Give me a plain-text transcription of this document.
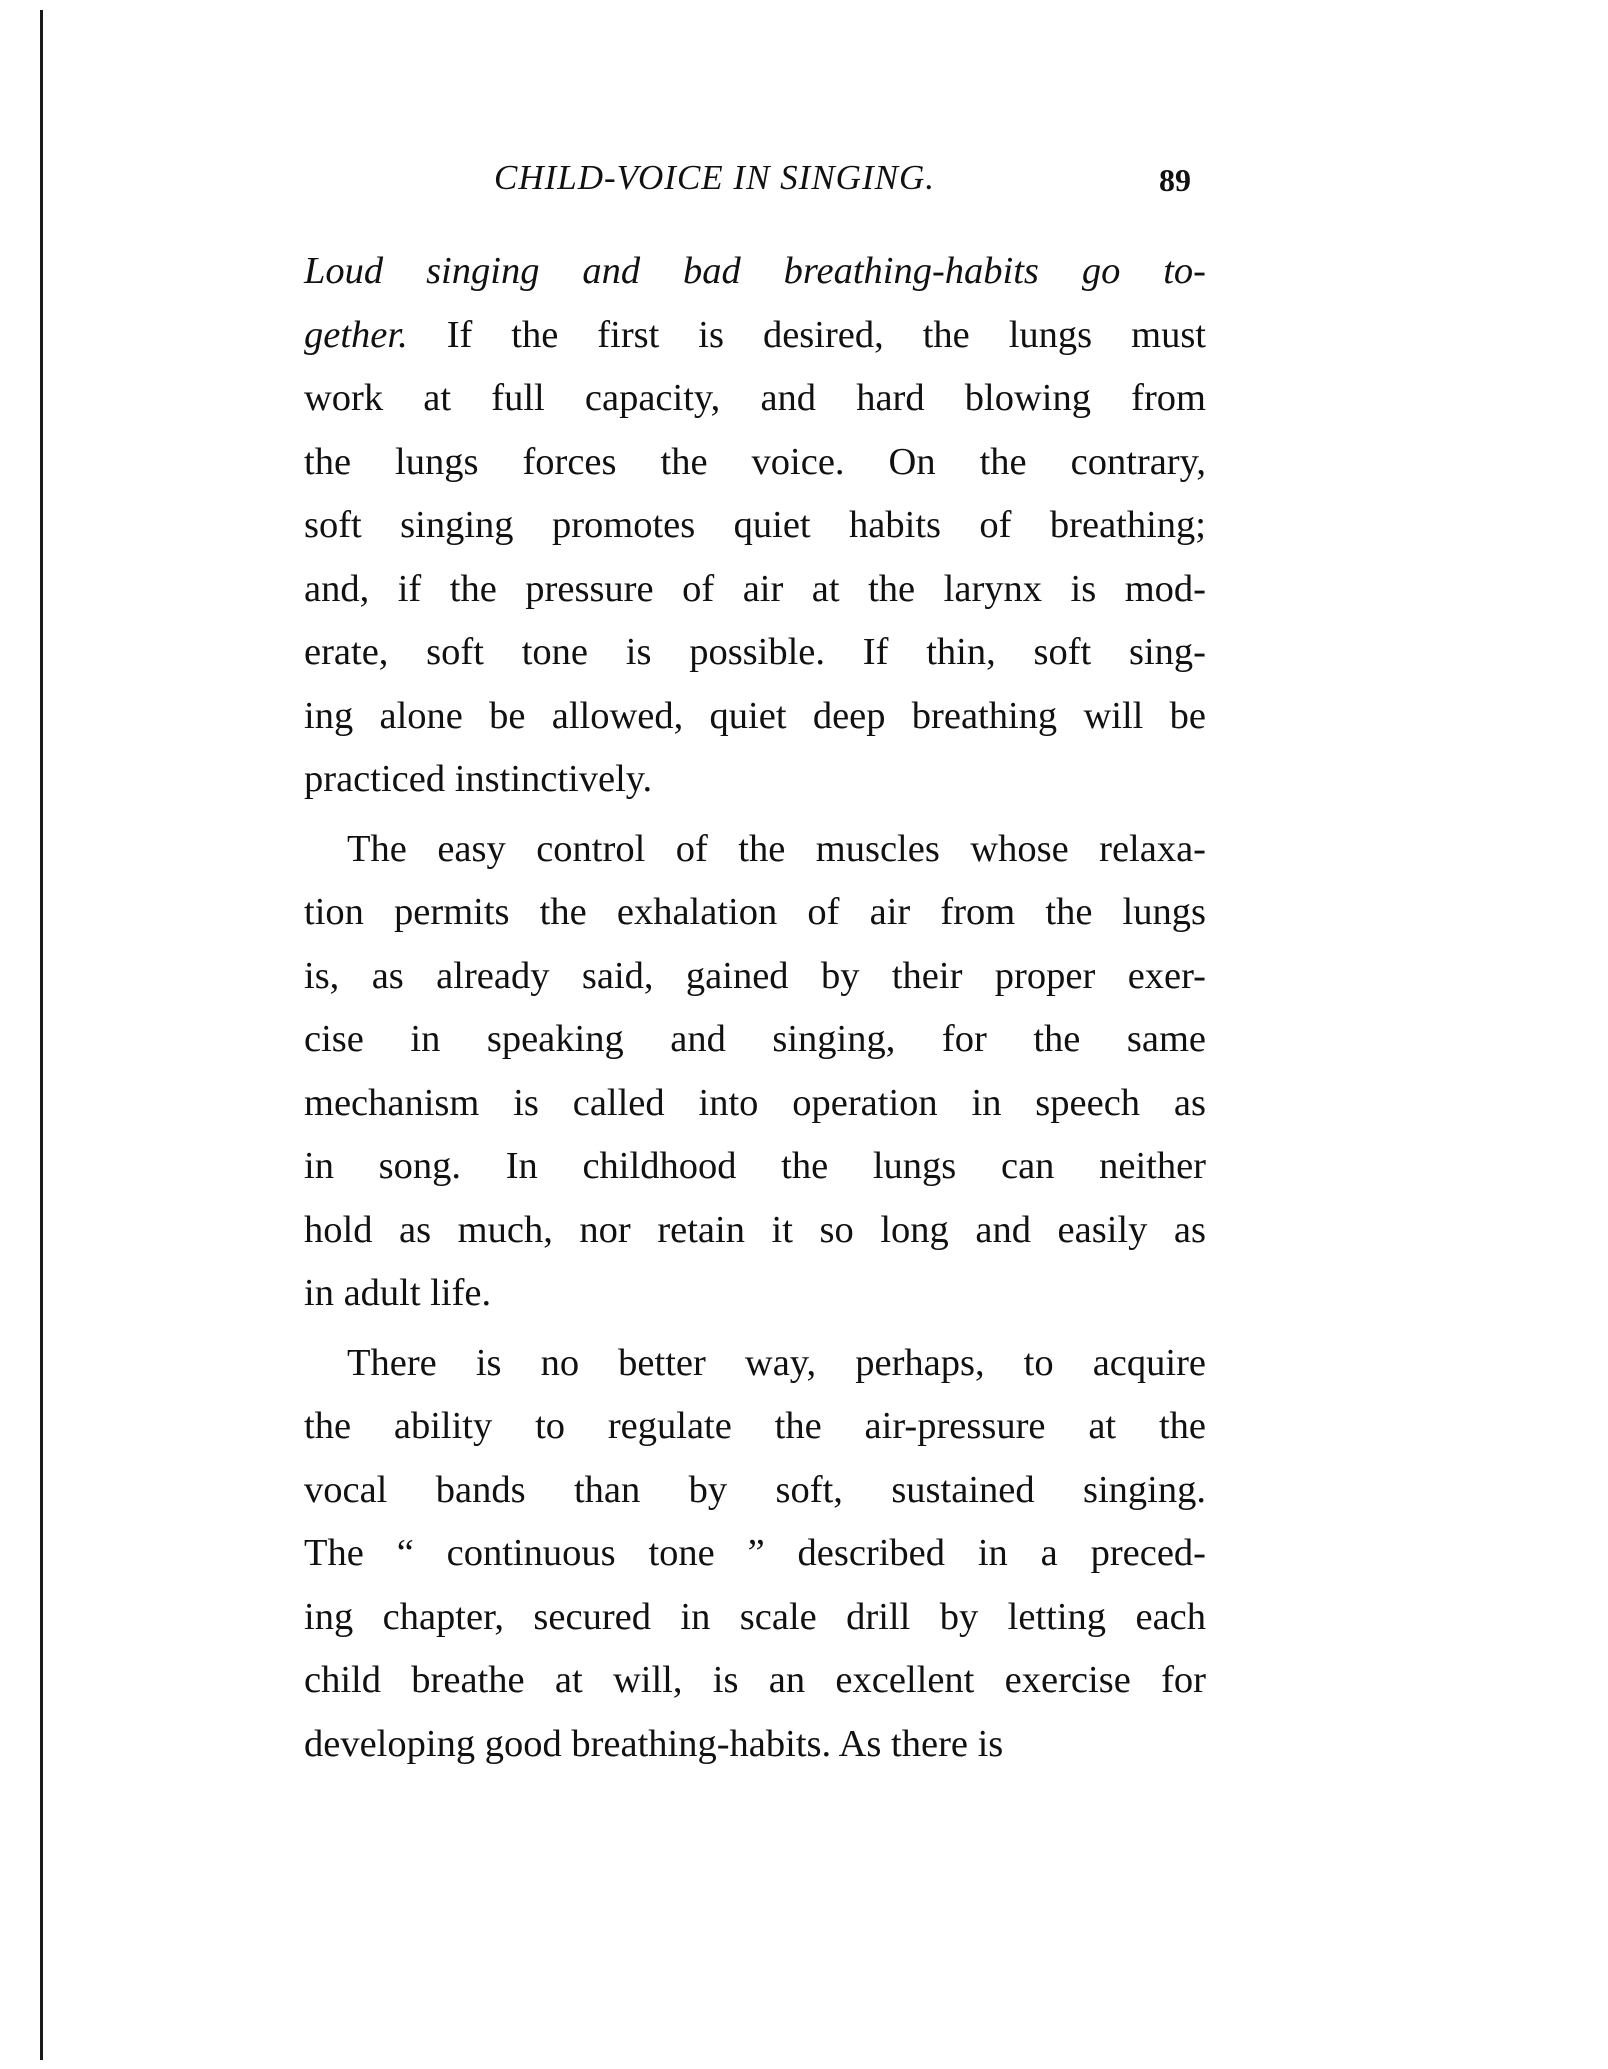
CHILD-VOICE IN SINGING.	89
Loud singing and bad breathing-habits go to-
gether. If the first is desired, the lungs must
work at full capacity, and hard blowing from
the lungs forces the voice. On the contrary,
soft singing promotes quiet habits of breathing;
and, if the pressure of air at the larynx is mod-
erate, soft tone is possible. If thin, soft sing-
ing alone be allowed, quiet deep breathing will be
practiced instinctively.
The easy control of the muscles whose relaxa-
tion permits the exhalation of air from the lungs
is, as already said, gained by their proper exer-
cise in speaking and singing, for the same
mechanism is called into operation in speech as
in song. In childhood the lungs can neither
hold as much, nor retain it so long and easily as
in adult life.
There is no better way, perhaps, to acquire
the ability to regulate the air-pressure at the
vocal bands than by soft, sustained singing.
The “ continuous tone ” described in a preced-
ing chapter, secured in scale drill by letting each
child breathe at will, is an excellent exercise for
developing good breathing-habits. As there is
